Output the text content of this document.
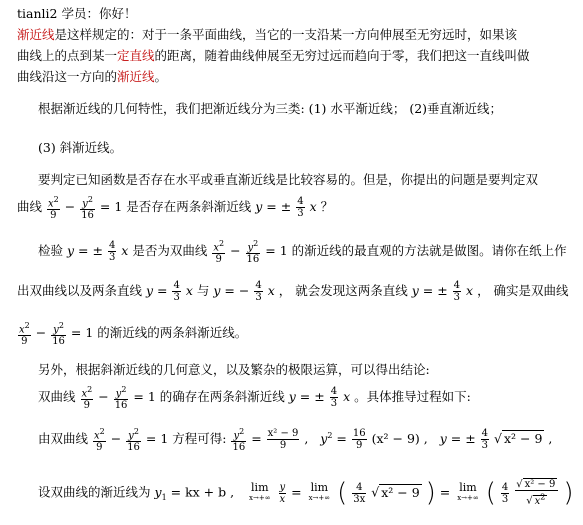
tianli2 学员：你好！
渐近线是这样规定的：对于一条平面曲线，当它的一支沿某一方向伸展至无穷远时，如果该
曲线上的点到某一定直线的距离，随着曲线伸展至无穷过远而趋向于零，我们把这一直线叫做
曲线沿这一方向的渐近线。
根据渐近线的几何特性，我们把渐近线分为三类: (1) 水平渐近线； (2)垂直渐近线；
(3) 斜渐近线。
要判定已知函数是否存在水平或垂直渐近线是比较容易的。但是，你提出的问题是要判定双
曲线 $\frac{x^2}{9} - \frac{y^2}{16} = 1$ 是否存在两条斜渐近线 y = ± $\frac{4}{3}$ x ？
检验 y = ± $\frac{4}{3}$ x 是否为双曲线 $\frac{x^2}{9} - \frac{y^2}{16} = 1$ 的渐近线的最直观的方法就是做图。请你在纸上作
出双曲线以及两条直线 $y = \frac{4}{3}$ x 与 y = − $\frac{4}{3}$ x ， 就会发现这两条直线 y = ± $\frac{4}{3}$ x ， 确实是双曲线
$\frac{x^2}{9} - \frac{y^2}{16} = 1$ 的渐近线的两条斜渐近线。
另外，根据斜渐近线的几何意义，以及繁杂的极限运算，可以得出结论:
双曲线 $\frac{x^2}{9} - \frac{y^2}{16} = 1$ 的确存在两条斜渐近线 y = ± $\frac{4}{3}$ x 。具体推导过程如下:
由双曲线 $\frac{x^2}{9} - \frac{y^2}{16} = 1$ 方程可得: $\frac{y^2}{16} = \frac{\text{x² − 9}}{9}$ ,   $y^2 = \frac{16}{9} (x^2 - 9)$ ,   y = ± $\frac{4}{3}$ √ x² − 9 ,
设双曲线的渐近线为 $y_1$ = kx + b , lim
x→+∞
$\frac{y}{x} = \lim$
x→+∞ ( $\frac{4}{3x}$ √ x² − 9 ) = lim
x→+∞ ( $\frac{4}{3}$
$\frac{\text{√ x² − 9}}{√ x^2}$ )
